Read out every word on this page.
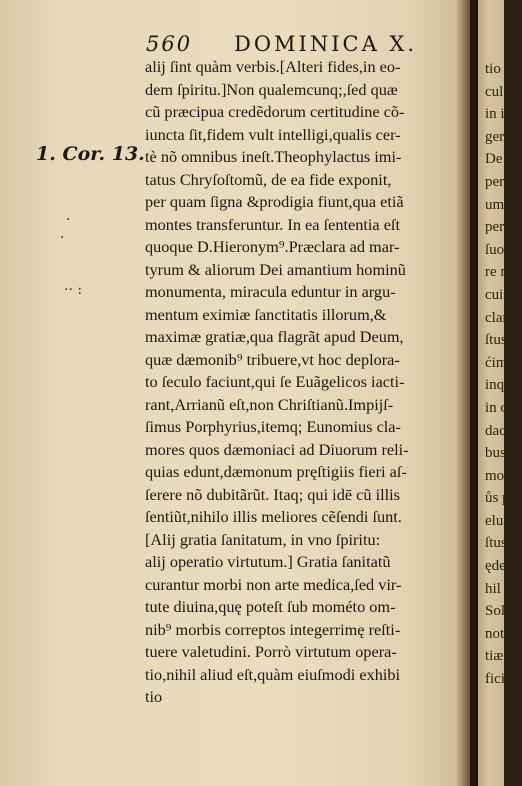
560 DOMINICA X.
1. Cor. 13.
·
·
·· :
alij ſint quàm verbis.[Alteri fides,in eo-
dem ſpiritu.]Non qualemcunq;,ſed quæ
cũ præcipua credẽdorum certitudine cõ-
iuncta ſit,fidem vult intelligi,qualis cer-
tè nõ omnibus ineſt.Theophylactus imi-
tatus Chryſoſtomũ, de ea fide exponit,
per quam ſigna &prodigia fiunt,qua etiã
montes transferuntur. In ea ſententia eſt
quoque D.Hieronym⁹.Præclara ad mar-
tyrum & aliorum Dei amantium hominũ
monumenta, miracula eduntur in argu-
mentum eximiæ ſanctitatis illorum,&
maximæ gratiæ,qua flagrãt apud Deum,
quæ dæmonib⁹ tribuere,vt hoc deplora-
to ſeculo faciunt,qui ſe Euãgelicos iacti-
rant,Arrianũ eſt,non Chriſtianũ.Impijſ-
ſimus Porphyrius,itemq; Eunomius cla-
mores quos dæmoniaci ad Diuorum reli-
quias edunt,dæmonum pręſtigiis fieri aſ-
ſerere nõ dubitãrũt. Itaq; qui idē cũ illis
ſentiũt,nihilo illis meliores cẽſendi ſunt.
[Alij gratia ſanitatum, in vno ſpiritu:
alij operatio virtutum.] Gratia ſanitatũ
curantur morbi non arte medica,ſed vir-
tute diuina,quę poteſt ſub mométo om-
nib⁹ morbis correptos integerrimę reſti-
tuere valetudini. Porrò virtutum opera-
tio,nihil aliud eſt,quàm eiuſmodi exhibi
tio
tio
cul
in i
ger
De
per
um,
peri
ſuos
re n
cui t
clara
ſtus
ćimi
inqu
in or
dacit
bus ſ
mo,n
ůs pe
eludi
ſtus &
ędere
hil ha
Solen
notis
tiæ qu
ficien
